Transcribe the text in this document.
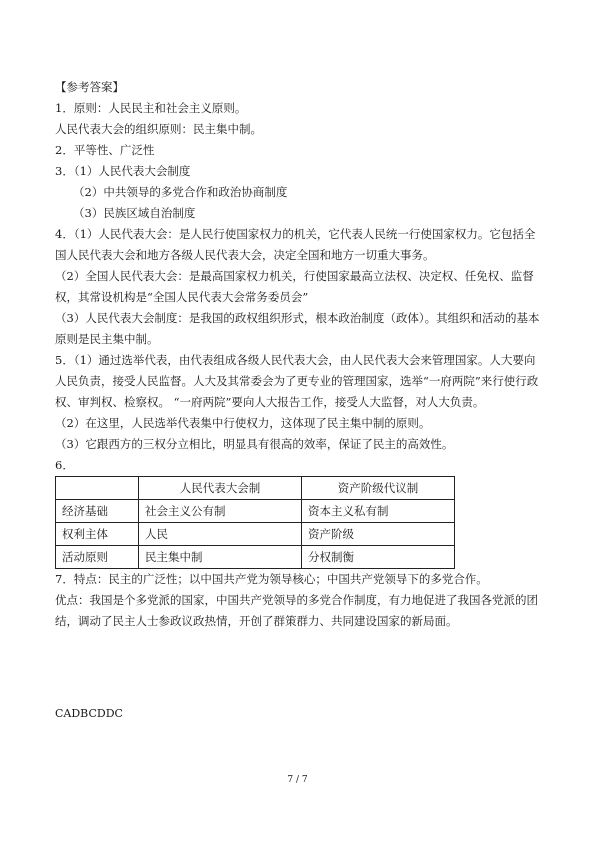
【参考答案】
1．原则：人民民主和社会主义原则。
人民代表大会的组织原则：民主集中制。
2．平等性、广泛性
3．（1）人民代表大会制度
（2）中共领导的多党合作和政治协商制度
（3）民族区域自治制度
4．（1）人民代表大会：是人民行使国家权力的机关，它代表人民统一行使国家权力。它包括全国人民代表大会和地方各级人民代表大会，决定全国和地方一切重大事务。
（2）全国人民代表大会：是最高国家权力机关，行使国家最高立法权、决定权、任免权、监督权，其常设机构是“全国人民代表大会常务委员会”
（3）人民代表大会制度：是我国的政权组织形式，根本政治制度（政体）。其组织和活动的基本原则是民主集中制。
5．（1）通过选举代表，由代表组成各级人民代表大会，由人民代表大会来管理国家。人大要向人民负责，接受人民监督。人大及其常委会为了更专业的管理国家，选举“一府两院”来行使行政权、审判权、检察权。 “一府两院”要向人大报告工作，接受人大监督，对人大负责。
（2）在这里，人民选举代表集中行使权力，这体现了民主集中制的原则。
（3）它跟西方的三权分立相比，明显具有很高的效率，保证了民主的高效性。
6．
	人民代表大会制	资产阶级代议制
经济基础	社会主义公有制	资本主义私有制
权利主体	人民	资产阶级
活动原则	民主集中制	分权制衡
7．特点：民主的广泛性；以中国共产党为领导核心；中国共产党领导下的多党合作。
优点：我国是个多党派的国家，中国共产党领导的多党合作制度，有力地促进了我国各党派的团结，调动了民主人士参政议政热情，开创了群策群力、共同建设国家的新局面。
CADBCDDC
7 / 7
